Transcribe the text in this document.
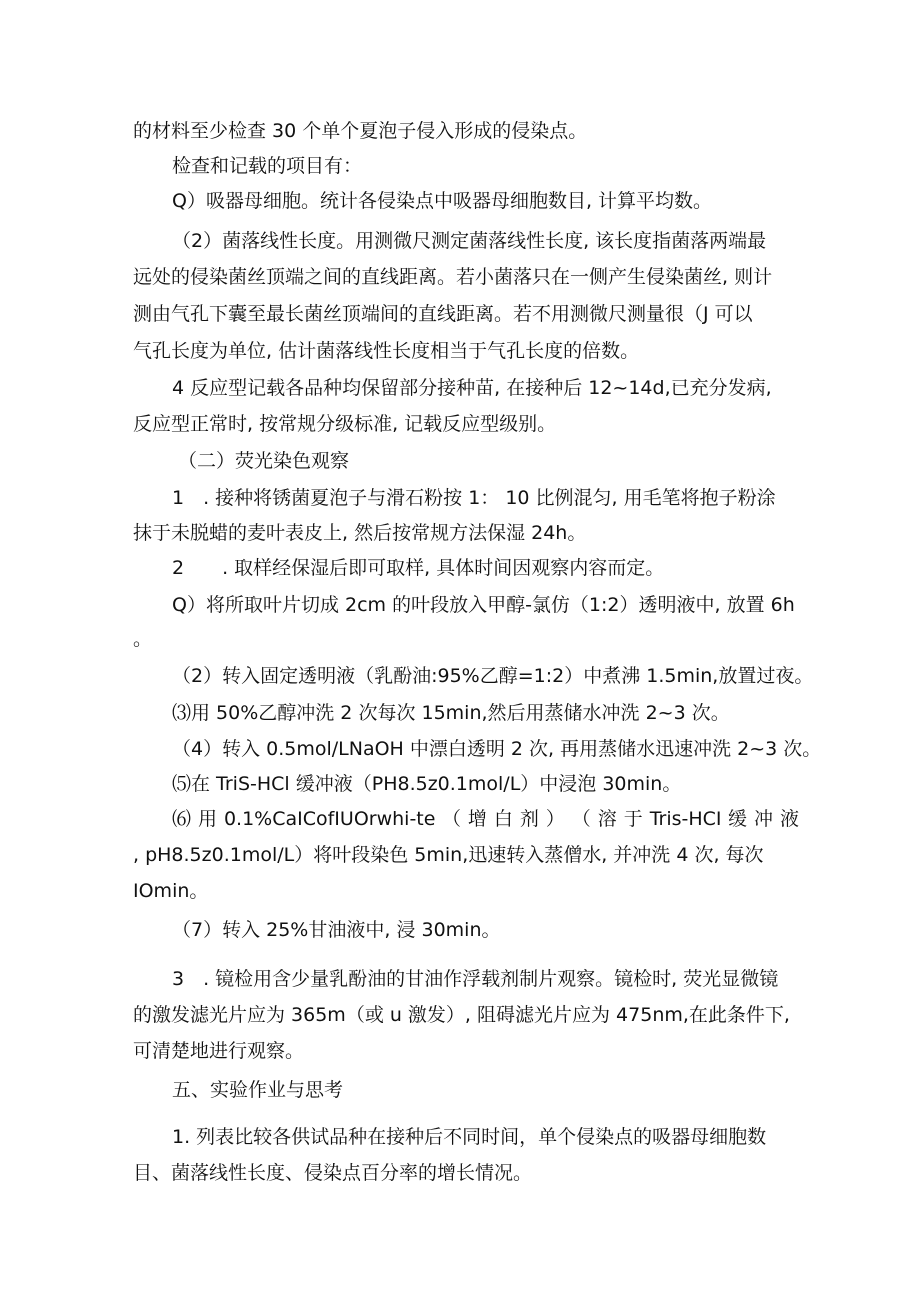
的材料至少检查 30 个单个夏泡子侵入形成的侵染点。

检查和记载的项目有：

Q）吸器母细胞。统计各侵染点中吸器母细胞数目, 计算平均数。

（2）菌落线性长度。用测微尺测定菌落线性长度, 该长度指菌落两端最

远处的侵染菌丝顶端之间的直线距离。若小菌落只在一侧产生侵染菌丝, 则计

测由气孔下囊至最长菌丝顶端间的直线距离。若不用测微尺测量很（J 可以

气孔长度为单位, 估计菌落线性长度相当于气孔长度的倍数。

4 反应型记载各品种均保留部分接种苗, 在接种后 12~14d,已充分发病,

反应型正常时, 按常规分级标准, 记载反应型级别。

（二）荧光染色观察

1　. 接种将锈菌夏泡子与滑石粉按 1： 10 比例混匀, 用毛笔将抱子粉涂

抹于未脱蜡的麦叶表皮上, 然后按常规方法保湿 24h。

2　　. 取样经保湿后即可取样, 具体时间因观察内容而定。

Q）将所取叶片切成 2cm 的叶段放入甲醇-氯仿（1:2）透明液中, 放置 6h

。

（2）转入固定透明液（乳酚油:95%乙醇=1:2）中煮沸 1.5min,放置过夜。

⑶用 50%乙醇冲洗 2 次每次 15min,然后用蒸储水冲洗 2~3 次。

（4）转入 0.5mol/LNaOH 中漂白透明 2 次, 再用蒸储水迅速冲洗 2~3 次。

⑸在 TriS-HCl 缓冲液（PH8.5z0.1mol/L）中浸泡 30min。

⑹ 用 0.1%CaICofIUOrwhi-te （ 增 白 剂 ） （ 溶 于 Tris-HCI 缓 冲 液

, pH8.5z0.1mol/L）将叶段染色 5min,迅速转入蒸僧水, 并冲洗 4 次, 每次

IOmin。

（7）转入 25%甘油液中, 浸 30min。

3　. 镜检用含少量乳酚油的甘油作浮载剂制片观察。镜检时, 荧光显微镜

的激发滤光片应为 365m（或 u 激发）, 阻碍滤光片应为 475nm,在此条件下,

可清楚地进行观察。

五、实验作业与思考

1. 列表比较各供试品种在接种后不同时间，单个侵染点的吸器母细胞数

目、菌落线性长度、侵染点百分率的增长情况。
